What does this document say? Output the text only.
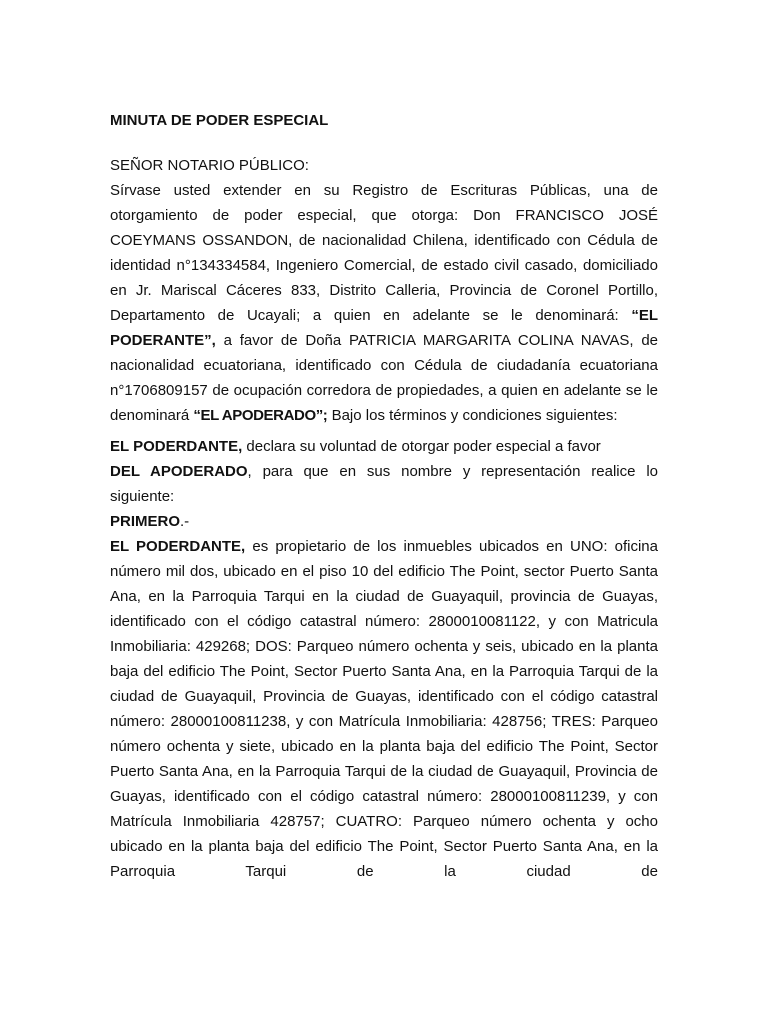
MINUTA DE PODER ESPECIAL

SEÑOR NOTARIO PÚBLICO:

Sírvase usted extender en su Registro de Escrituras Públicas, una de otorgamiento de poder especial, que otorga: Don FRANCISCO JOSÉ COEYMANS OSSANDON, de nacionalidad Chilena, identificado con Cédula de identidad n°134334584, Ingeniero Comercial, de estado civil casado, domiciliado en Jr. Mariscal Cáceres 833, Distrito Calleria, Provincia de Coronel Portillo, Departamento de Ucayali; a quien en adelante se le denominará: “EL PODERANTE”, a favor de Doña PATRICIA MARGARITA COLINA NAVAS, de nacionalidad ecuatoriana, identificado con Cédula de ciudadanía ecuatoriana n°1706809157 de ocupación corredora de propiedades, a quien en adelante se le denominará “EL APODERADO”; Bajo los términos y condiciones siguientes:

EL PODERDANTE, declara su voluntad de otorgar poder especial a favor
DEL APODERADO, para que en sus nombre y representación realice lo siguiente:

PRIMERO.-

EL PODERDANTE, es propietario de los inmuebles ubicados en UNO: oficina número mil dos, ubicado en el piso 10 del edificio The Point, sector Puerto Santa Ana, en la Parroquia Tarqui en la ciudad de Guayaquil, provincia de Guayas, identificado con el código catastral número: 2800010081122, y con Matricula Inmobiliaria: 429268; DOS: Parqueo número ochenta y seis, ubicado en la planta baja del edificio The Point, Sector Puerto Santa Ana, en la Parroquia Tarqui de la ciudad de Guayaquil, Provincia de Guayas, identificado con el código catastral número: 28000100811238, y con Matrícula Inmobiliaria: 428756; TRES: Parqueo número ochenta y siete, ubicado en la planta baja del edificio The Point, Sector Puerto Santa Ana, en la Parroquia Tarqui de la ciudad de Guayaquil, Provincia de Guayas, identificado con el código catastral número: 28000100811239, y con Matrícula Inmobiliaria 428757; CUATRO: Parqueo número ochenta y ocho ubicado en la planta baja del edificio The Point, Sector Puerto Santa Ana, en la Parroquia Tarqui de la ciudad de
